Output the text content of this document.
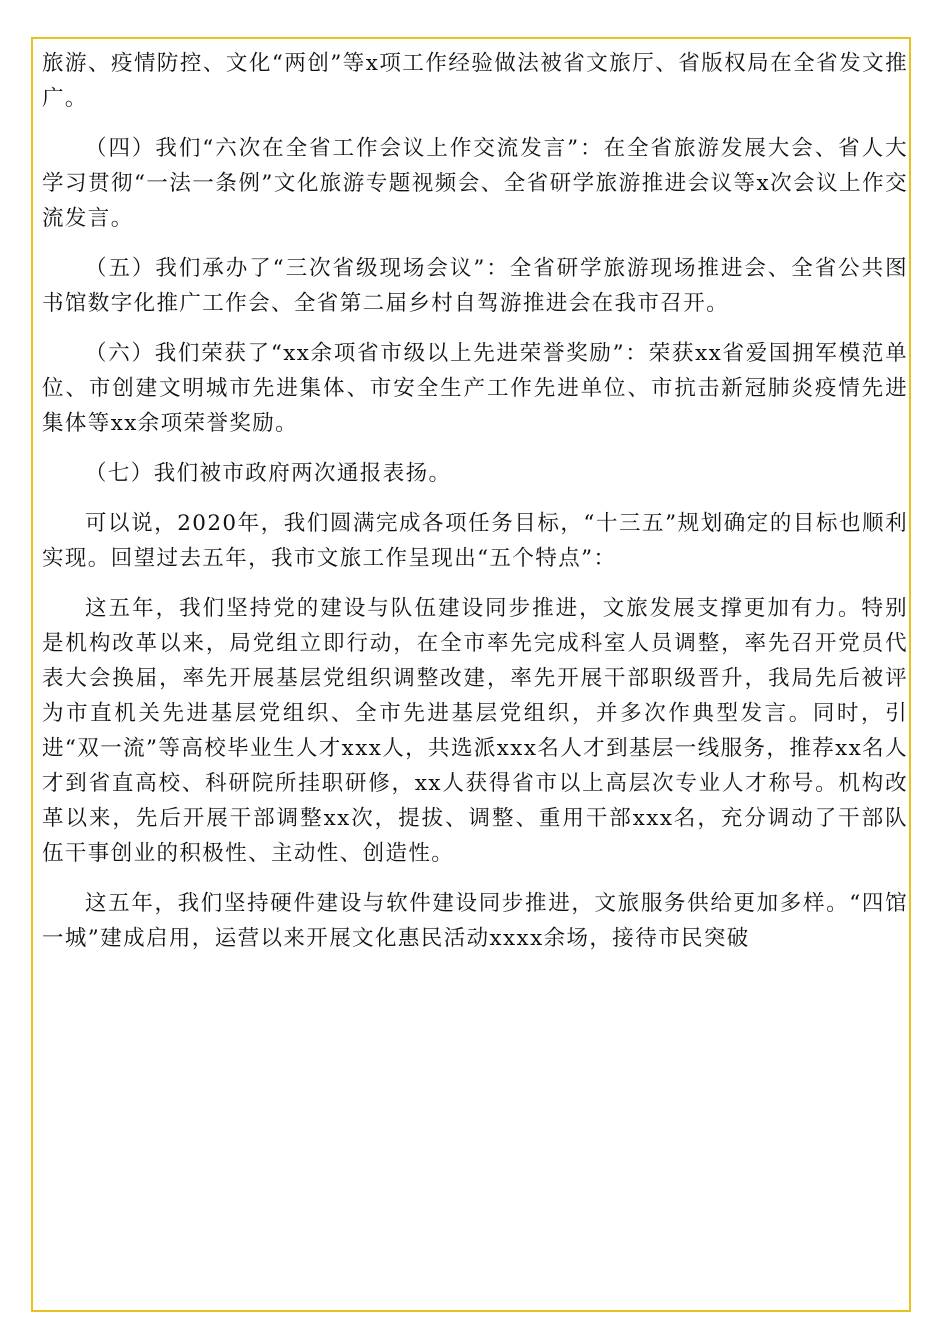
旅游、疫情防控、文化“两创”等x项工作经验做法被省文旅厅、省版权局在全省发文推广。

（四）我们“六次在全省工作会议上作交流发言”：在全省旅游发展大会、省人大学习贯彻“一法一条例”文化旅游专题视频会、全省研学旅游推进会议等x次会议上作交流发言。

（五）我们承办了“三次省级现场会议”：全省研学旅游现场推进会、全省公共图书馆数字化推广工作会、全省第二届乡村自驾游推进会在我市召开。

（六）我们荣获了“xx余项省市级以上先进荣誉奖励”：荣获xx省爱国拥军模范单位、市创建文明城市先进集体、市安全生产工作先进单位、市抗击新冠肺炎疫情先进集体等xx余项荣誉奖励。

（七）我们被市政府两次通报表扬。

可以说，2020年，我们圆满完成各项任务目标，“十三五”规划确定的目标也顺利实现。回望过去五年，我市文旅工作呈现出“五个特点”：

这五年，我们坚持党的建设与队伍建设同步推进，文旅发展支撑更加有力。特别是机构改革以来，局党组立即行动，在全市率先完成科室人员调整，率先召开党员代表大会换届，率先开展基层党组织调整改建，率先开展干部职级晋升，我局先后被评为市直机关先进基层党组织、全市先进基层党组织，并多次作典型发言。同时，引进“双一流”等高校毕业生人才xxx人，共选派xxx名人才到基层一线服务，推荐xx名人才到省直高校、科研院所挂职研修，xx人获得省市以上高层次专业人才称号。机构改革以来，先后开展干部调整xx次，提拔、调整、重用干部xxx名，充分调动了干部队伍干事创业的积极性、主动性、创造性。

这五年，我们坚持硬件建设与软件建设同步推进，文旅服务供给更加多样。“四馆一城”建成启用，运营以来开展文化惠民活动xxxx余场，接待市民突破
